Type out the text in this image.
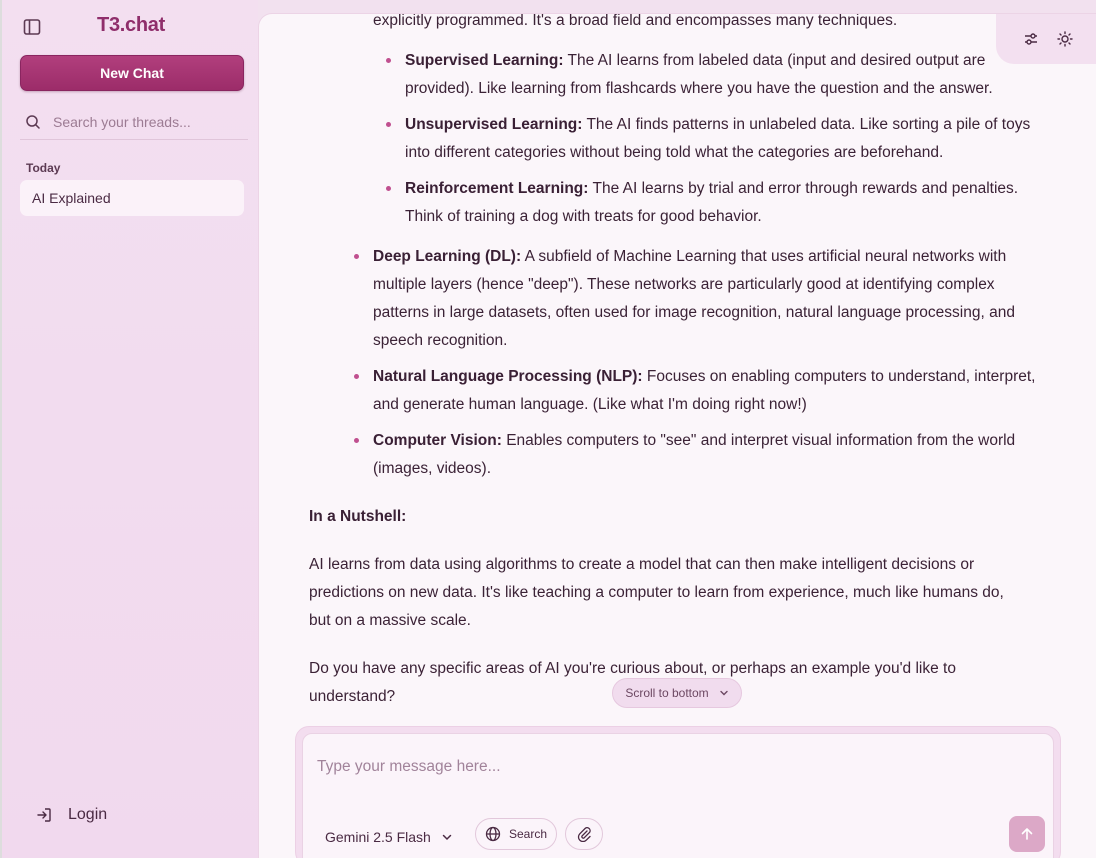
T3.chat
New Chat
Search your threads...
Today
AI Explained
Login
explicitly programmed. It's a broad field and encompasses many techniques.
Supervised Learning: The AI learns from labeled data (input and desired output are
provided). Like learning from flashcards where you have the question and the answer.
Unsupervised Learning: The AI finds patterns in unlabeled data. Like sorting a pile of toys
into different categories without being told what the categories are beforehand.
Reinforcement Learning: The AI learns by trial and error through rewards and penalties.
Think of training a dog with treats for good behavior.
Deep Learning (DL): A subfield of Machine Learning that uses artificial neural networks with
multiple layers (hence "deep"). These networks are particularly good at identifying complex
patterns in large datasets, often used for image recognition, natural language processing, and
speech recognition.
Natural Language Processing (NLP): Focuses on enabling computers to understand, interpret,
and generate human language. (Like what I'm doing right now!)
Computer Vision: Enables computers to "see" and interpret visual information from the world
(images, videos).
In a Nutshell:
AI learns from data using algorithms to create a model that can then make intelligent decisions or
predictions on new data. It's like teaching a computer to learn from experience, much like humans do,
but on a massive scale.
Do you have any specific areas of AI you're curious about, or perhaps an example you'd like to
understand?	Scroll to bottom
Type your message here...
Gemini 2.5 Flash	Search
